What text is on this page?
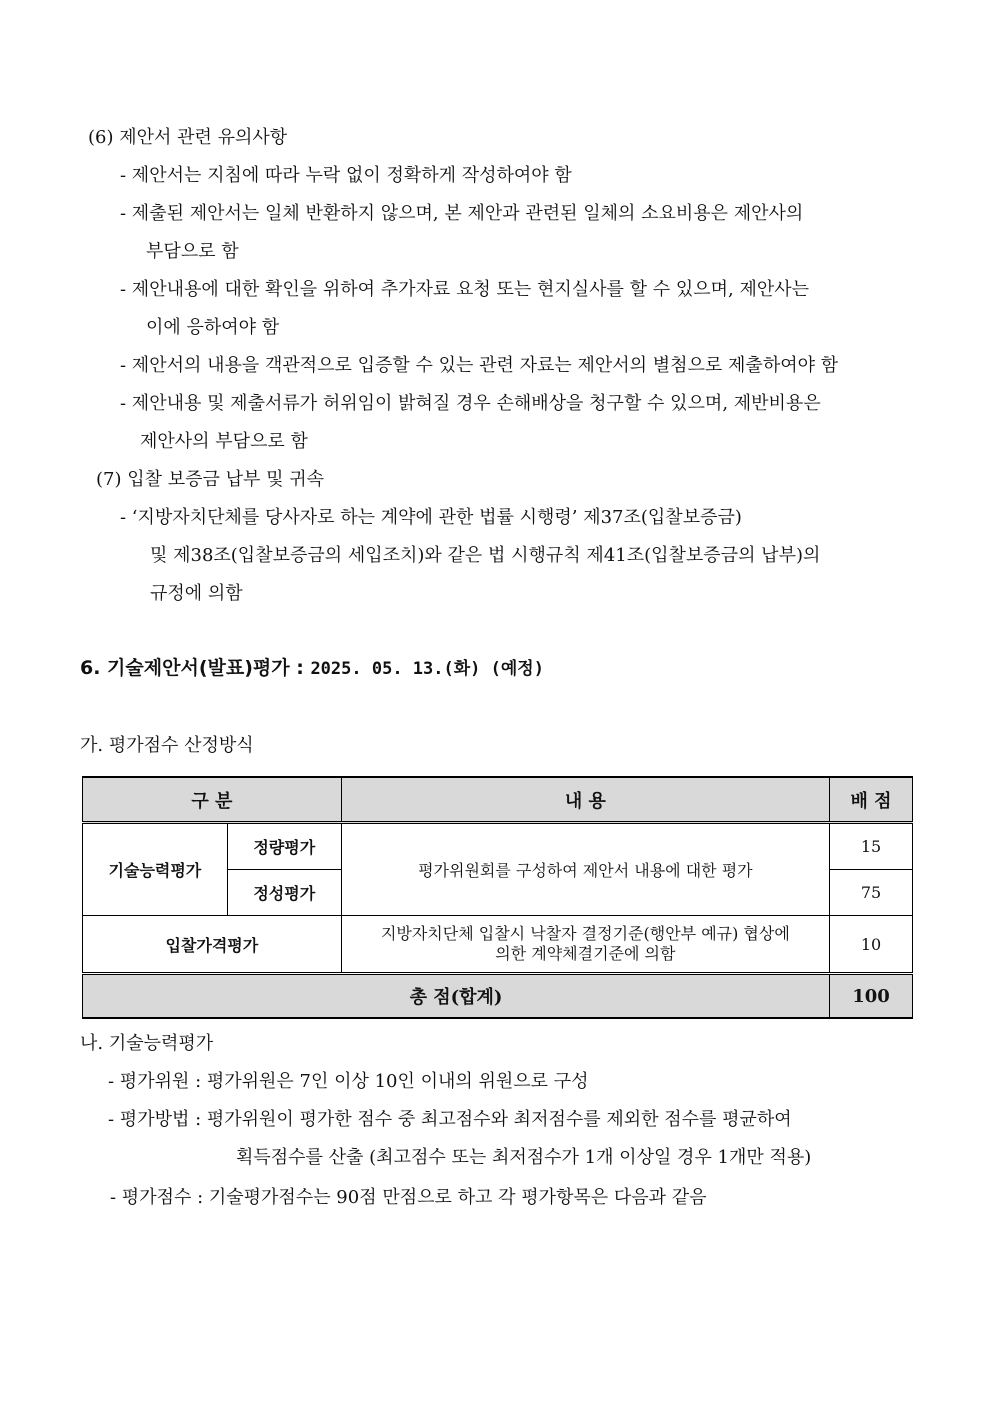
(6) 제안서 관련 유의사항
- 제안서는 지침에 따라 누락 없이 정확하게 작성하여야 함
- 제출된 제안서는 일체 반환하지 않으며, 본 제안과 관련된 일체의 소요비용은 제안사의
부담으로 함
- 제안내용에 대한 확인을 위하여 추가자료 요청 또는 현지실사를 할 수 있으며, 제안사는
이에 응하여야 함
- 제안서의 내용을 객관적으로 입증할 수 있는 관련 자료는 제안서의 별첨으로 제출하여야 함
- 제안내용 및 제출서류가 허위임이 밝혀질 경우 손해배상을 청구할 수 있으며, 제반비용은
제안사의 부담으로 함
(7) 입찰 보증금 납부 및 귀속
- ‘지방자치단체를 당사자로 하는 계약에 관한 법률 시행령’ 제37조(입찰보증금)
및 제38조(입찰보증금의 세입조치)와 같은 법 시행규칙 제41조(입찰보증금의 납부)의
규정에 의함
6. 기술제안서(발표)평가 : 2025. 05. 13.(화) (예정)
가. 평가점수 산정방식
구 분		내 용	배 점
기술능력평가	정량평가	평가위원회를 구성하여 제안서 내용에 대한 평가	15
	정성평가		75
입찰가격평가		지방자치단체 입찰시 낙찰자 결정기준(행안부 예규) 협상에
의한 계약체결기준에 의함	10
총 점(합계)			100
나. 기술능력평가
- 평가위원 : 평가위원은 7인 이상 10인 이내의 위원으로 구성
- 평가방법 : 평가위원이 평가한 점수 중 최고점수와 최저점수를 제외한 점수를 평균하여
획득점수를 산출 (최고점수 또는 최저점수가 1개 이상일 경우 1개만 적용)
- 평가점수 : 기술평가점수는 90점 만점으로 하고 각 평가항목은 다음과 같음
